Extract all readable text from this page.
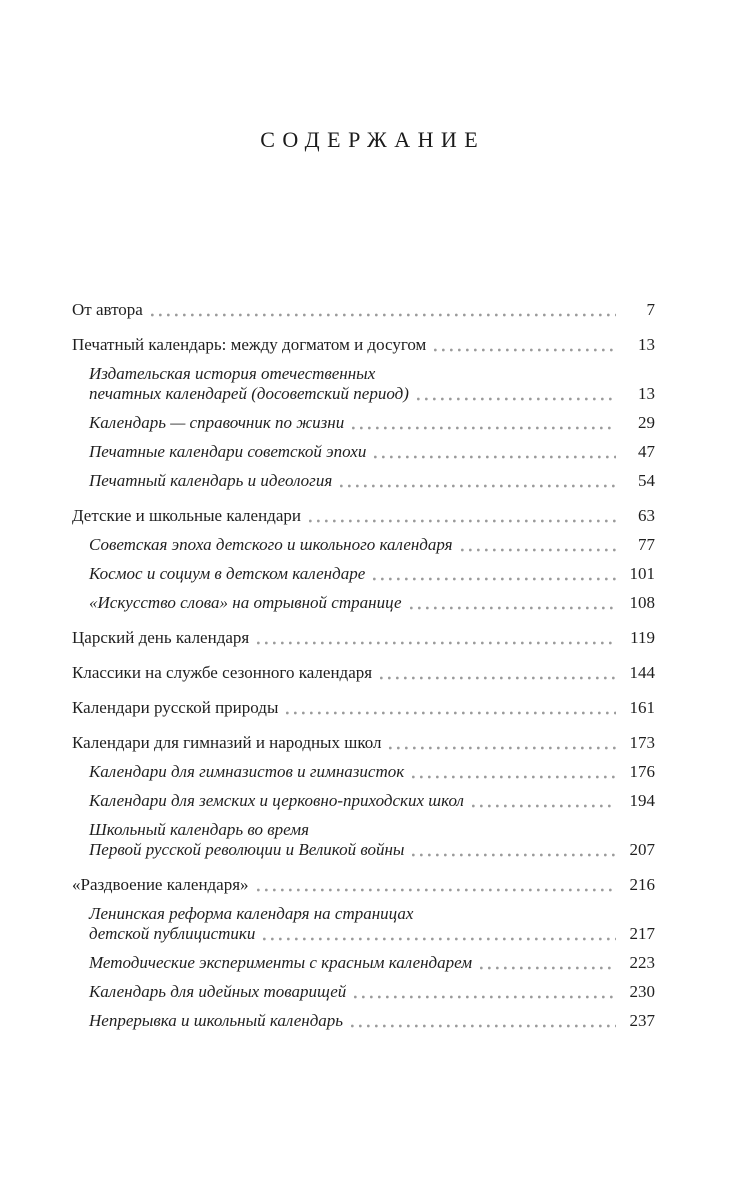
СОДЕРЖАНИЕ
От автора	7
Печатный календарь: между догматом и досугом	13
Издательская история отечественных
печатных календарей (досоветский период)	13
Календарь — справочник по жизни	29
Печатные календари советской эпохи	47
Печатный календарь и идеология	54
Детские и школьные календари	63
Советская эпоха детского и школьного календаря	77
Космос и социум в детском календаре	101
«Искусство слова» на отрывной странице	108
Царский день календаря	119
Классики на службе сезонного календаря	144
Календари русской природы	161
Календари для гимназий и народных школ	173
Календари для гимназистов и гимназисток	176
Календари для земских и церковно-приходских школ	194
Школьный календарь во время
Первой русской революции и Великой войны	207
«Раздвоение календаря»	216
Ленинская реформа календаря на страницах
детской публицистики	217
Методические эксперименты с красным календарем	223
Календарь для идейных товарищей	230
Непрерывка и школьный календарь	237
